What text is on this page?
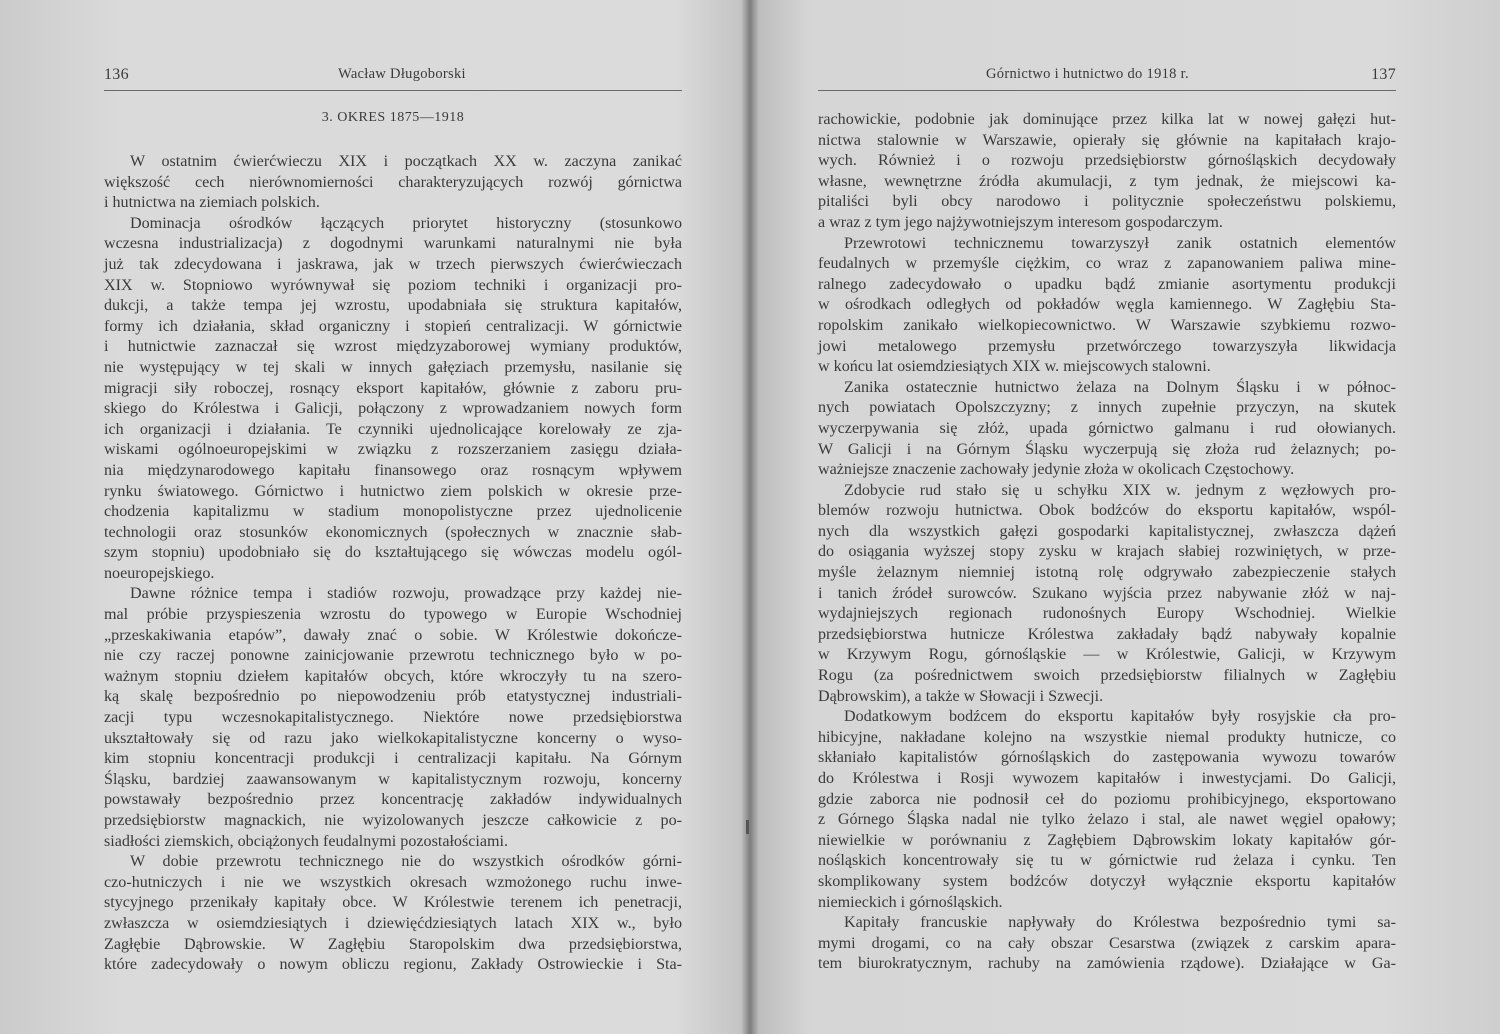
136	Wacław Długoborski
3. OKRES 1875—1918
W ostatnim ćwierćwieczu XIX i początkach XX w. zaczyna zanikać
większość cech nierównomierności charakteryzujących rozwój górnictwa
i hutnictwa na ziemiach polskich.
Dominacja ośrodków łączących priorytet historyczny (stosunkowo
wczesna industrializacja) z dogodnymi warunkami naturalnymi nie była
już tak zdecydowana i jaskrawa, jak w trzech pierwszych ćwierćwieczach
XIX w. Stopniowo wyrównywał się poziom techniki i organizacji pro-
dukcji, a także tempa jej wzrostu, upodabniała się struktura kapitałów,
formy ich działania, skład organiczny i stopień centralizacji. W górnictwie
i hutnictwie zaznaczał się wzrost międzyzaborowej wymiany produktów,
nie występujący w tej skali w innych gałęziach przemysłu, nasilanie się
migracji siły roboczej, rosnący eksport kapitałów, głównie z zaboru pru-
skiego do Królestwa i Galicji, połączony z wprowadzaniem nowych form
ich organizacji i działania. Te czynniki ujednolicające korelowały ze zja-
wiskami ogólnoeuropejskimi w związku z rozszerzaniem zasięgu działa-
nia międzynarodowego kapitału finansowego oraz rosnącym wpływem
rynku światowego. Górnictwo i hutnictwo ziem polskich w okresie prze-
chodzenia kapitalizmu w stadium monopolistyczne przez ujednolicenie
technologii oraz stosunków ekonomicznych (społecznych w znacznie słab-
szym stopniu) upodobniało się do kształtującego się wówczas modelu ogól-
noeuropejskiego.
Dawne różnice tempa i stadiów rozwoju, prowadzące przy każdej nie-
mal próbie przyspieszenia wzrostu do typowego w Europie Wschodniej
„przeskakiwania etapów”, dawały znać o sobie. W Królestwie dokończe-
nie czy raczej ponowne zainicjowanie przewrotu technicznego było w po-
ważnym stopniu dziełem kapitałów obcych, które wkroczyły tu na szero-
ką skalę bezpośrednio po niepowodzeniu prób etatystycznej industriali-
zacji typu wczesnokapitalistycznego. Niektóre nowe przedsiębiorstwa
ukształtowały się od razu jako wielkokapitalistyczne koncerny o wyso-
kim stopniu koncentracji produkcji i centralizacji kapitału. Na Górnym
Śląsku, bardziej zaawansowanym w kapitalistycznym rozwoju, koncerny
powstawały bezpośrednio przez koncentrację zakładów indywidualnych
przedsiębiorstw magnackich, nie wyizolowanych jeszcze całkowicie z po-
siadłości ziemskich, obciążonych feudalnymi pozostałościami.
W dobie przewrotu technicznego nie do wszystkich ośrodków górni-
czo-hutniczych i nie we wszystkich okresach wzmożonego ruchu inwe-
stycyjnego przenikały kapitały obce. W Królestwie terenem ich penetracji,
zwłaszcza w osiemdziesiątych i dziewięćdziesiątych latach XIX w., było
Zagłębie Dąbrowskie. W Zagłębiu Staropolskim dwa przedsiębiorstwa,
które zadecydowały o nowym obliczu regionu, Zakłady Ostrowieckie i Sta-
Górnictwo i hutnictwo do 1918 r.	137
rachowickie, podobnie jak dominujące przez kilka lat w nowej gałęzi hut-
nictwa stalownie w Warszawie, opierały się głównie na kapitałach krajo-
wych. Również i o rozwoju przedsiębiorstw górnośląskich decydowały
własne, wewnętrzne źródła akumulacji, z tym jednak, że miejscowi ka-
pitaliści byli obcy narodowo i politycznie społeczeństwu polskiemu,
a wraz z tym jego najżywotniejszym interesom gospodarczym.
Przewrotowi technicznemu towarzyszył zanik ostatnich elementów
feudalnych w przemyśle ciężkim, co wraz z zapanowaniem paliwa mine-
ralnego zadecydowało o upadku bądź zmianie asortymentu produkcji
w ośrodkach odległych od pokładów węgla kamiennego. W Zagłębiu Sta-
ropolskim zanikało wielkopiecownictwo. W Warszawie szybkiemu rozwo-
jowi metalowego przemysłu przetwórczego towarzyszyła likwidacja
w końcu lat osiemdziesiątych XIX w. miejscowych stalowni.
Zanika ostatecznie hutnictwo żelaza na Dolnym Śląsku i w północ-
nych powiatach Opolszczyzny; z innych zupełnie przyczyn, na skutek
wyczerpywania się złóż, upada górnictwo galmanu i rud ołowianych.
W Galicji i na Górnym Śląsku wyczerpują się złoża rud żelaznych; po-
ważniejsze znaczenie zachowały jedynie złoża w okolicach Częstochowy.
Zdobycie rud stało się u schyłku XIX w. jednym z węzłowych pro-
blemów rozwoju hutnictwa. Obok bodźców do eksportu kapitałów, wspól-
nych dla wszystkich gałęzi gospodarki kapitalistycznej, zwłaszcza dążeń
do osiągania wyższej stopy zysku w krajach słabiej rozwiniętych, w prze-
myśle żelaznym niemniej istotną rolę odgrywało zabezpieczenie stałych
i tanich źródeł surowców. Szukano wyjścia przez nabywanie złóż w naj-
wydajniejszych regionach rudonośnych Europy Wschodniej. Wielkie
przedsiębiorstwa hutnicze Królestwa zakładały bądź nabywały kopalnie
w Krzywym Rogu, górnośląskie — w Królestwie, Galicji, w Krzywym
Rogu (za pośrednictwem swoich przedsiębiorstw filialnych w Zagłębiu
Dąbrowskim), a także w Słowacji i Szwecji.
Dodatkowym bodźcem do eksportu kapitałów były rosyjskie cła pro-
hibicyjne, nakładane kolejno na wszystkie niemal produkty hutnicze, co
skłaniało kapitalistów górnośląskich do zastępowania wywozu towarów
do Królestwa i Rosji wywozem kapitałów i inwestycjami. Do Galicji,
gdzie zaborca nie podnosił ceł do poziomu prohibicyjnego, eksportowano
z Górnego Śląska nadal nie tylko żelazo i stal, ale nawet węgiel opałowy;
niewielkie w porównaniu z Zagłębiem Dąbrowskim lokaty kapitałów gór-
nośląskich koncentrowały się tu w górnictwie rud żelaza i cynku. Ten
skomplikowany system bodźców dotyczył wyłącznie eksportu kapitałów
niemieckich i górnośląskich.
Kapitały francuskie napływały do Królestwa bezpośrednio tymi sa-
mymi drogami, co na cały obszar Cesarstwa (związek z carskim apara-
tem biurokratycznym, rachuby na zamówienia rządowe). Działające w Ga-
